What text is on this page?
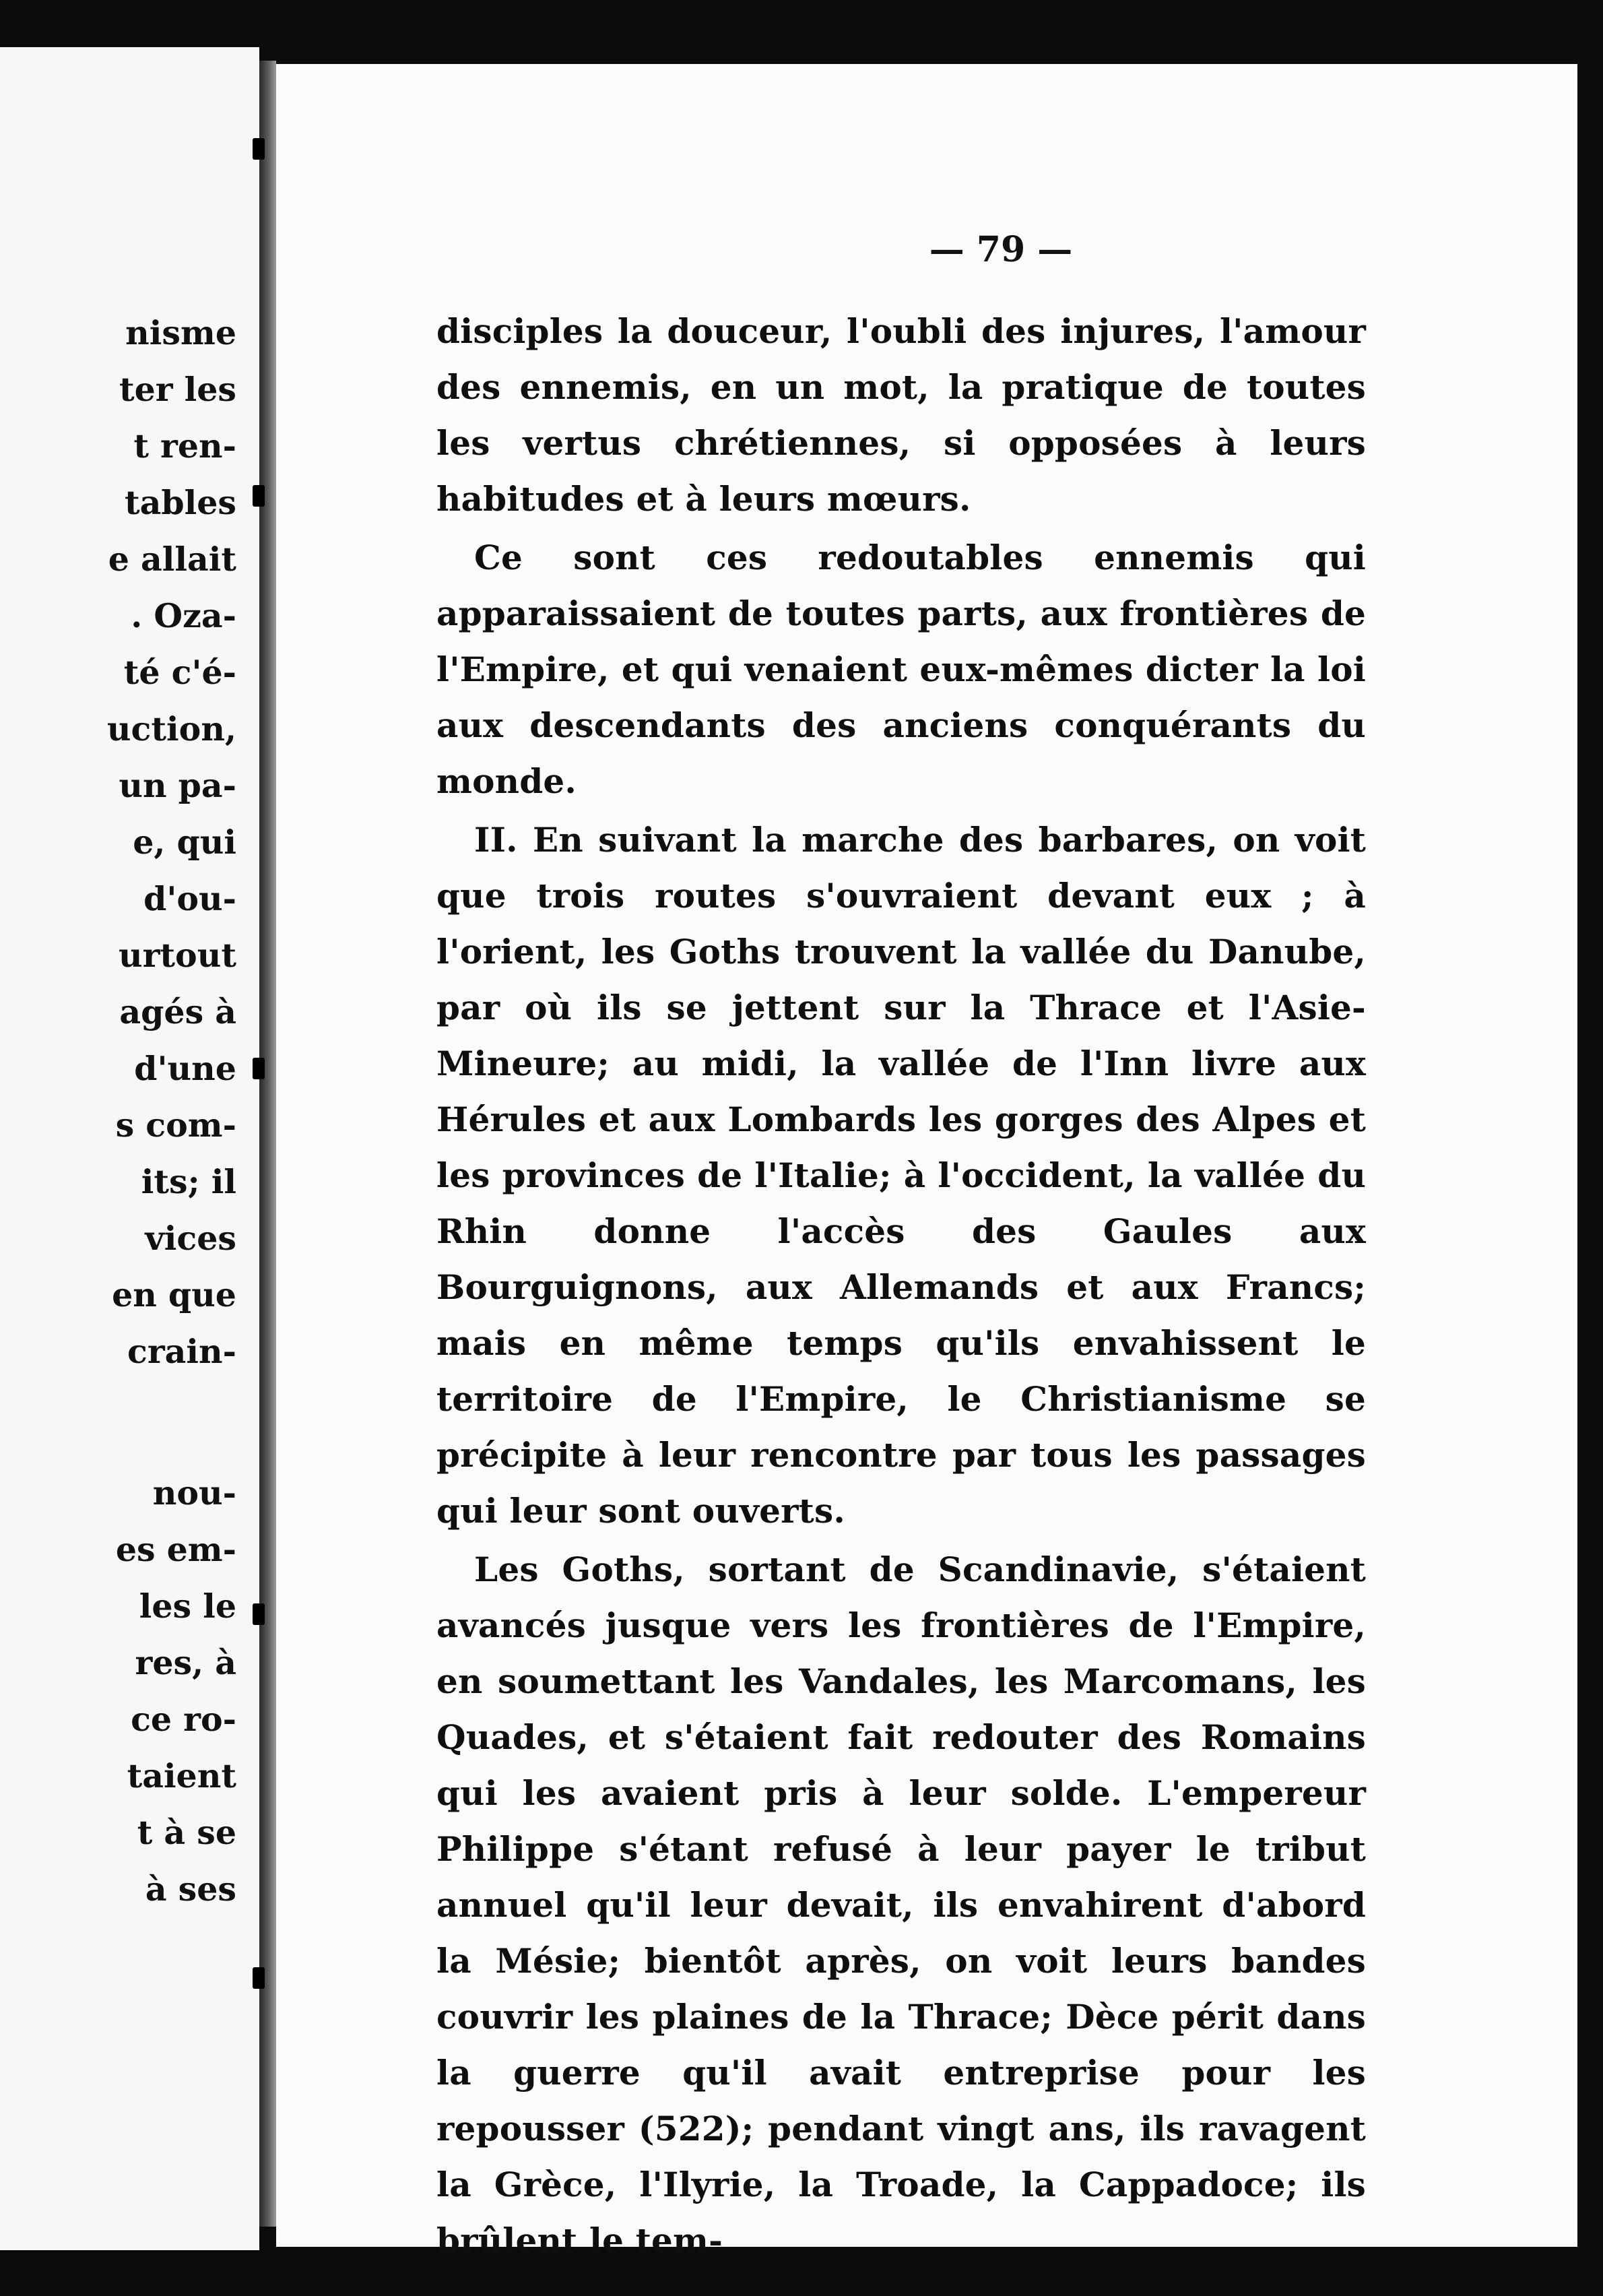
nisme
ter les
t ren-
tables
e allait
. Oza-
té c'é-
uction,
un pa-
e, qui
d'ou-
urtout
agés à
d'une
s com-
its; il
vices
en que
crain-
nou-
es em-
les le
res, à
ce ro-
taient
t à se
à ses
— 79 —

disciples la douceur, l'oubli des injures, l'amour des ennemis, en un mot, la pratique de toutes les vertus chrétiennes, si opposées à leurs habitudes et à leurs mœurs.

Ce sont ces redoutables ennemis qui apparaissaient de toutes parts, aux frontières de l'Empire, et qui venaient eux-mêmes dicter la loi aux descendants des anciens conquérants du monde.

II. En suivant la marche des barbares, on voit que trois routes s'ouvraient devant eux ; à l'orient, les Goths trouvent la vallée du Danube, par où ils se jettent sur la Thrace et l'Asie-Mineure; au midi, la vallée de l'Inn livre aux Hérules et aux Lombards les gorges des Alpes et les provinces de l'Italie; à l'occident, la vallée du Rhin donne l'accès des Gaules aux Bourguignons, aux Allemands et aux Francs; mais en même temps qu'ils envahissent le territoire de l'Empire, le Christianisme se précipite à leur rencontre par tous les passages qui leur sont ouverts.

Les Goths, sortant de Scandinavie, s'étaient avancés jusque vers les frontières de l'Empire, en soumettant les Vandales, les Marcomans, les Quades, et s'étaient fait redouter des Romains qui les avaient pris à leur solde. L'empereur Philippe s'étant refusé à leur payer le tribut annuel qu'il leur devait, ils envahirent d'abord la Mésie; bientôt après, on voit leurs bandes couvrir les plaines de la Thrace; Dèce périt dans la guerre qu'il avait entreprise pour les repousser (522); pendant vingt ans, ils ravagent la Grèce, l'Ilyrie, la Troade, la Cappadoce; ils brûlent le tem-
